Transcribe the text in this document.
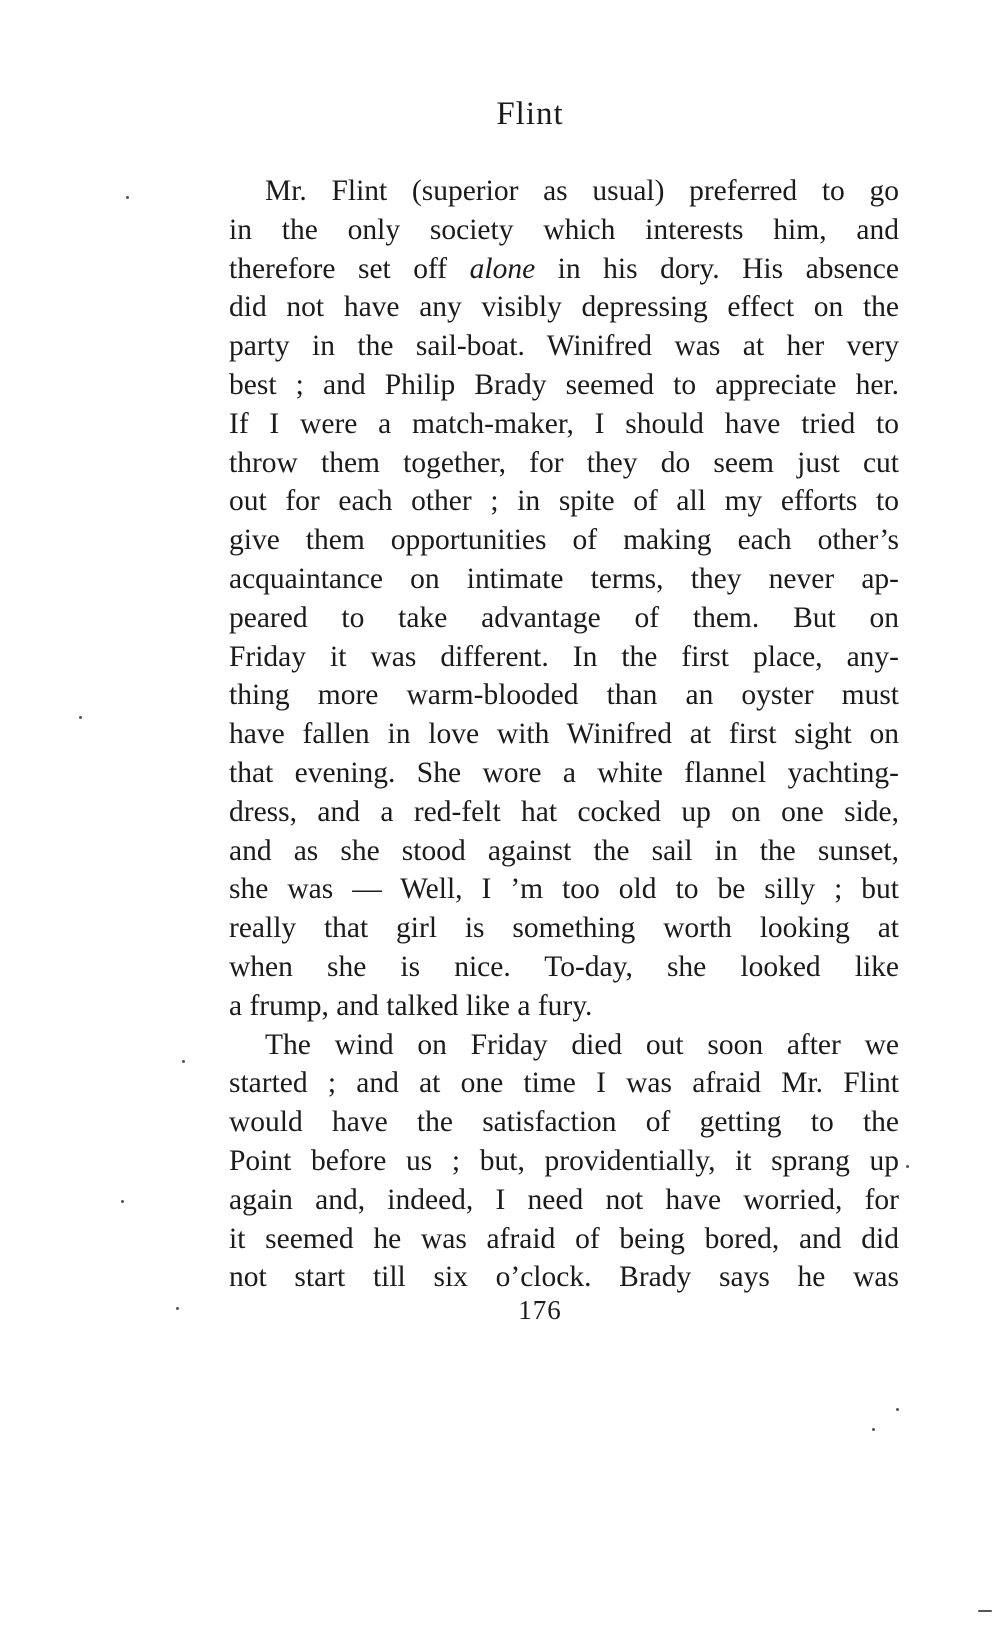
Flint
Mr. Flint (superior as usual) preferred to go
in the only society which interests him, and
therefore set off alone in his dory. His absence
did not have any visibly depressing effect on the
party in the sail-boat. Winifred was at her very
best ; and Philip Brady seemed to appreciate her.
If I were a match-maker, I should have tried to
throw them together, for they do seem just cut
out for each other ; in spite of all my efforts to
give them opportunities of making each other’s
acquaintance on intimate terms, they never ap-
peared to take advantage of them. But on
Friday it was different. In the first place, any-
thing more warm-blooded than an oyster must
have fallen in love with Winifred at first sight on
that evening. She wore a white flannel yachting-
dress, and a red-felt hat cocked up on one side,
and as she stood against the sail in the sunset,
she was — Well, I ’m too old to be silly ; but
really that girl is something worth looking at
when she is nice. To-day, she looked like
a frump, and talked like a fury.
The wind on Friday died out soon after we
started ; and at one time I was afraid Mr. Flint
would have the satisfaction of getting to the
Point before us ; but, providentially, it sprang up
again and, indeed, I need not have worried, for
it seemed he was afraid of being bored, and did
not start till six o’clock. Brady says he was
176
